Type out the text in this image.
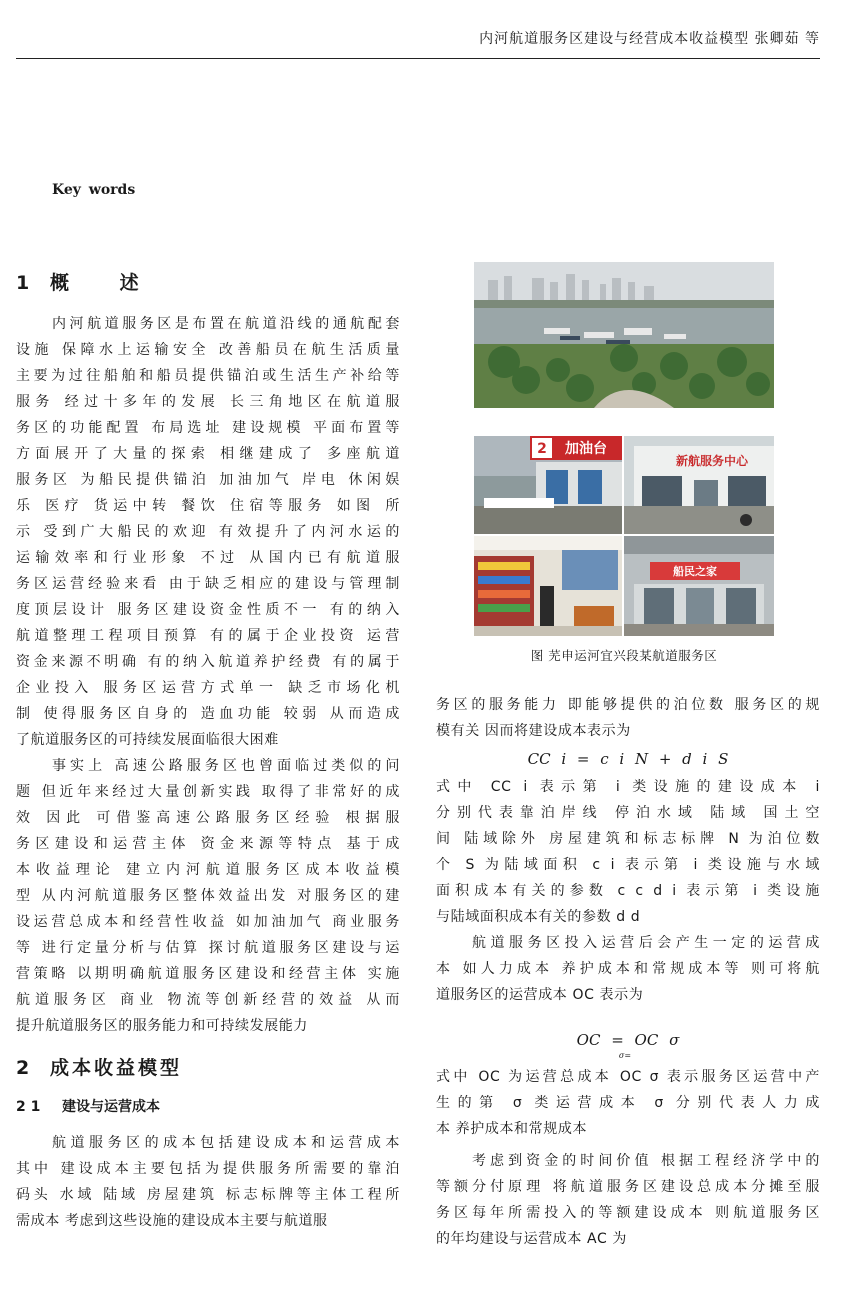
内河航道服务区建设与经营成本收益模型 张卿茹 等
Key words
1 概 述
内河航道服务区是布置在航道沿线的通航配套
设施 保障水上运输安全 改善船员在航生活质量
主要为过往船舶和船员提供锚泊或生活生产补给等
服务 经过十多年的发展 长三角地区在航道服
务区的功能配置 布局选址 建设规模 平面布置等
方面展开了大量的探索 相继建成了 多座航道
服务区 为船民提供锚泊 加油加气 岸电 休闲娱
乐 医疗 货运中转 餐饮 住宿等服务 如图 所
示 受到广大船民的欢迎 有效提升了内河水运的
运输效率和行业形象 不过 从国内已有航道服
务区运营经验来看 由于缺乏相应的建设与管理制
度顶层设计 服务区建设资金性质不一 有的纳入
航道整理工程项目预算 有的属于企业投资 运营
资金来源不明确 有的纳入航道养护经费 有的属于
企业投入 服务区运营方式单一 缺乏市场化机
制 使得服务区自身的 造血功能 较弱 从而造成
了航道服务区的可持续发展面临很大困难
事实上 高速公路服务区也曾面临过类似的问
题 但近年来经过大量创新实践 取得了非常好的成
效 因此 可借鉴高速公路服务区经验 根据服
务区建设和运营主体 资金来源等特点 基于成
本收益理论 建立内河航道服务区成本收益模
型 从内河航道服务区整体效益出发 对服务区的建
设运营总成本和经营性收益 如加油加气 商业服务
等 进行定量分析与估算 探讨航道服务区建设与运
营策略 以期明确航道服务区建设和经营主体 实施
航道服务区 商业 物流等创新经营的效益 从而
提升航道服务区的服务能力和可持续发展能力
2 成本收益模型
2 1 建设与运营成本
航道服务区的成本包括建设成本和运营成本
其中 建设成本主要包括为提供服务所需要的靠泊
码头 水域 陆域 房屋建筑 标志标牌等主体工程所
需成本 考虑到这些设施的建设成本主要与航道服
2 加油台
新航服务中心
船民之家
图 芜申运河宜兴段某航道服务区
务区的服务能力 即能够提供的泊位数 服务区的规
模有关 因而将建设成本表示为
CC i = c i N + d i S
式中 CC i 表示第 i 类设施的建设成本 i
分别代表靠泊岸线 停泊水域 陆域 国土空
间 陆域除外 房屋建筑和标志标牌 N 为泊位数
个 S 为陆域面积 c i 表示第 i 类设施与水域
面积成本有关的参数 c c d i 表示第 i 类设施
与陆域面积成本有关的参数 d d
航道服务区投入运营后会产生一定的运营成
本 如人力成本 养护成本和常规成本等 则可将航
道服务区的运营成本 OC 表示为
OC = OC σ
σ=
式中 OC 为运营总成本 OC σ 表示服务区运营中产
生的第 σ 类运营成本 σ 分别代表人力成
本 养护成本和常规成本
考虑到资金的时间价值 根据工程经济学中的
等额分付原理 将航道服务区建设总成本分摊至服
务区每年所需投入的等额建设成本 则航道服务区
的年均建设与运营成本 AC 为
